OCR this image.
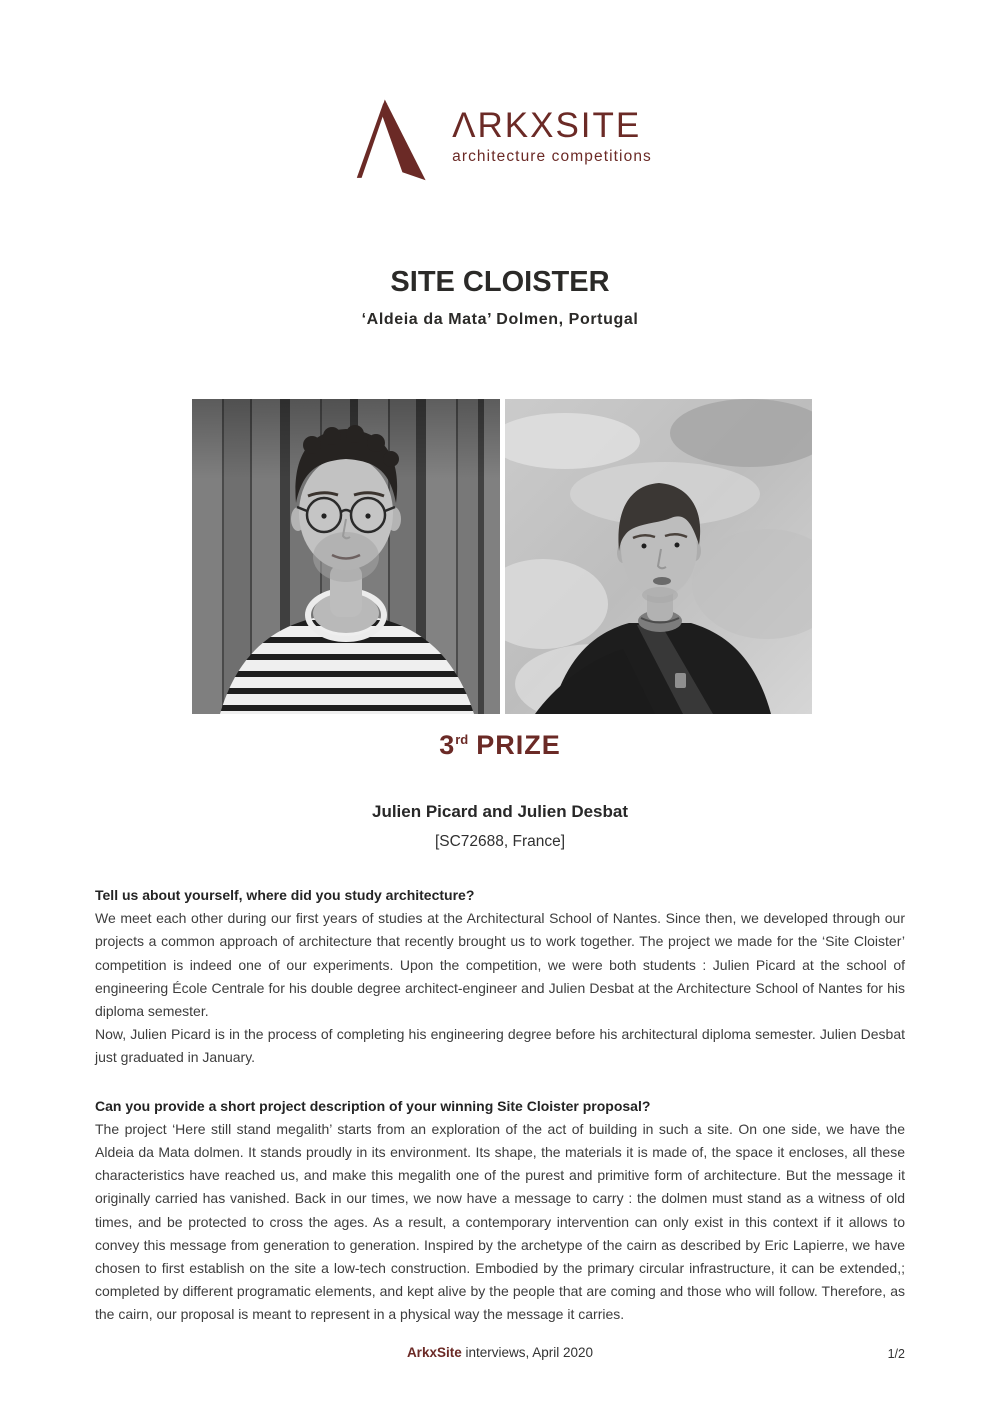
ΛRKXSITE
architecture competitions
SITE CLOISTER
‘Aldeia da Mata’ Dolmen, Portugal
3rd PRIZE
Julien Picard and Julien Desbat
[SC72688, France]

Tell us about yourself, where did you study architecture?

We meet each other during our first years of studies at the Architectural School of Nantes. Since then, we developed through our projects a common approach of architecture that recently brought us to work together. The project we made for the ‘Site Cloister’ competition is indeed one of our experiments. Upon the competition, we were both students : Julien Picard at the school of engineering École Centrale for his double degree architect-engineer and Julien Desbat at the Architecture School of Nantes for his diploma semester.

Now, Julien Picard is in the process of completing his engineering degree before his architectural diploma semester. Julien Desbat just graduated in January.

Can you provide a short project description of your winning Site Cloister proposal?

The project ‘Here still stand megalith’ starts from an exploration of the act of building in such a site. On one side, we have the Aldeia da Mata dolmen. It stands proudly in its environment. Its shape, the materials it is made of, the space it encloses, all these characteristics have reached us, and make this megalith one of the purest and primitive form of architecture. But the message it originally carried has vanished. Back in our times, we now have a message to carry : the dolmen must stand as a witness of old times, and be protected to cross the ages. As a result, a contemporary intervention can only exist in this context if it allows to convey this message from generation to generation. Inspired by the archetype of the cairn as described by Eric Lapierre, we have chosen to first establish on the site a low-tech construction. Embodied by the primary circular infrastructure, it can be extended,; completed by different programatic elements, and kept alive by the people that are coming and those who will follow. Therefore, as the cairn, our proposal is meant to represent in a physical way the message it carries.

ArkxSite interviews, April 2020	1/2
